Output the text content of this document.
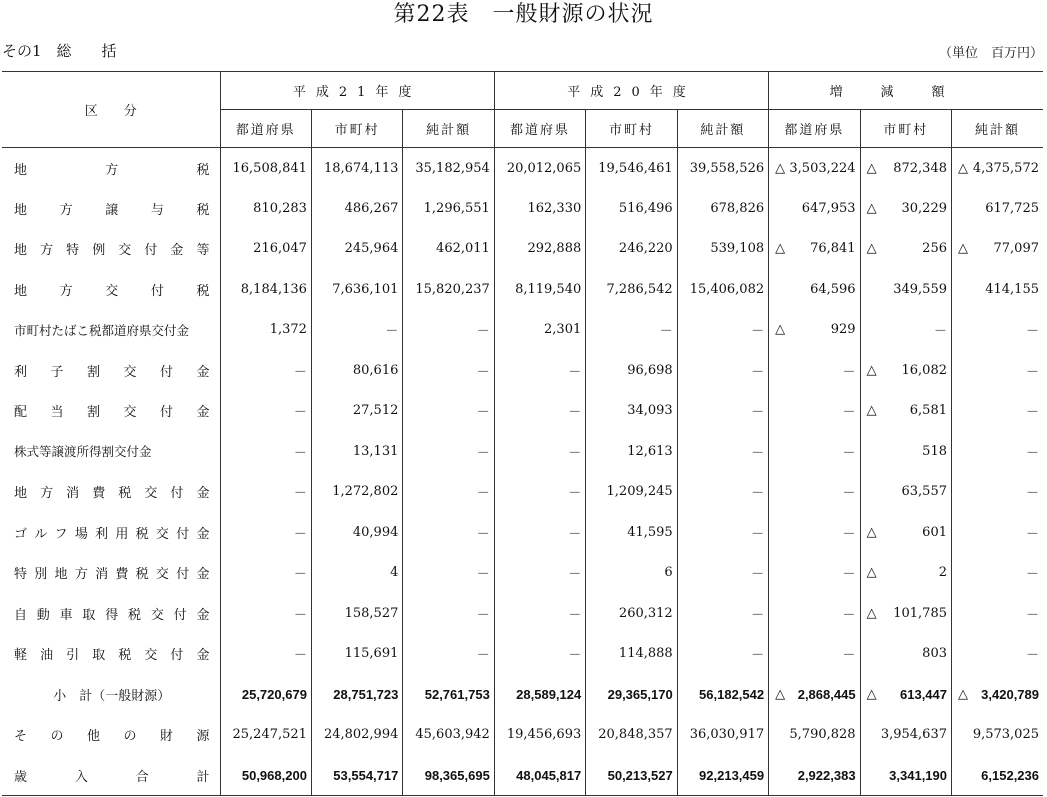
第22表　一般財源の状況
その1　総　　括	（単位　百万円）
区　　分	平成21年度			平成20年度			増減額		
	都道府県	市町村	純計額	都道府県	市町村	純計額	都道府県	市町村	純計額
地方税	16,508,841	18,674,113	35,182,954	20,012,065	19,546,461	39,558,526	△ 3,503,224	△ 872,348	△ 4,375,572

地方譲与税	810,283	486,267	1,296,551	162,330	516,496	678,826	647,953	△ 30,229	617,725
地方特例交付金等	216,047	245,964	462,011	292,888	246,220	539,108	△ 76,841	△ 256	△ 77,097

地方交付税	8,184,136	7,636,101	15,820,237	8,119,540	7,286,542	15,406,082	64,596	349,559	414,155
市町村たばこ税都道府県交付金	1,372	－	－	2,301	－	－	△ 929	－	－
利子割交付金	－	80,616	－	－	96,698	－	－	△ 16,082	－
配当割交付金	－	27,512	－	－	34,093	－	－	△ 6,581	－
株式等譲渡所得割交付金	－	13,131	－	－	12,613	－	－	518	－
地方消費税交付金	－	1,272,802	－	－	1,209,245	－	－	63,557	－
ゴルフ場利用税交付金	－	40,994	－	－	41,595	－	－	△ 601	－
特別地方消費税交付金	－	4	－	－	6	－	－	△ 2	－
自動車取得税交付金	－	158,527	－	－	260,312	－	－	△ 101,785	－
軽油引取税交付金	－	115,691	－	－	114,888	－	－	803	－
小　計（一般財源）	25,720,679	28,751,723	52,761,753	28,589,124	29,365,170	56,182,542	△ 2,868,445	△ 613,447	△ 3,420,789

その他の財源	25,247,521	24,802,994	45,603,942	19,456,693	20,848,357	36,030,917	5,790,828	3,954,637	9,573,025
歳入合計	50,968,200	53,554,717	98,365,695	48,045,817	50,213,527	92,213,459	2,922,383	3,341,190	6,152,236
